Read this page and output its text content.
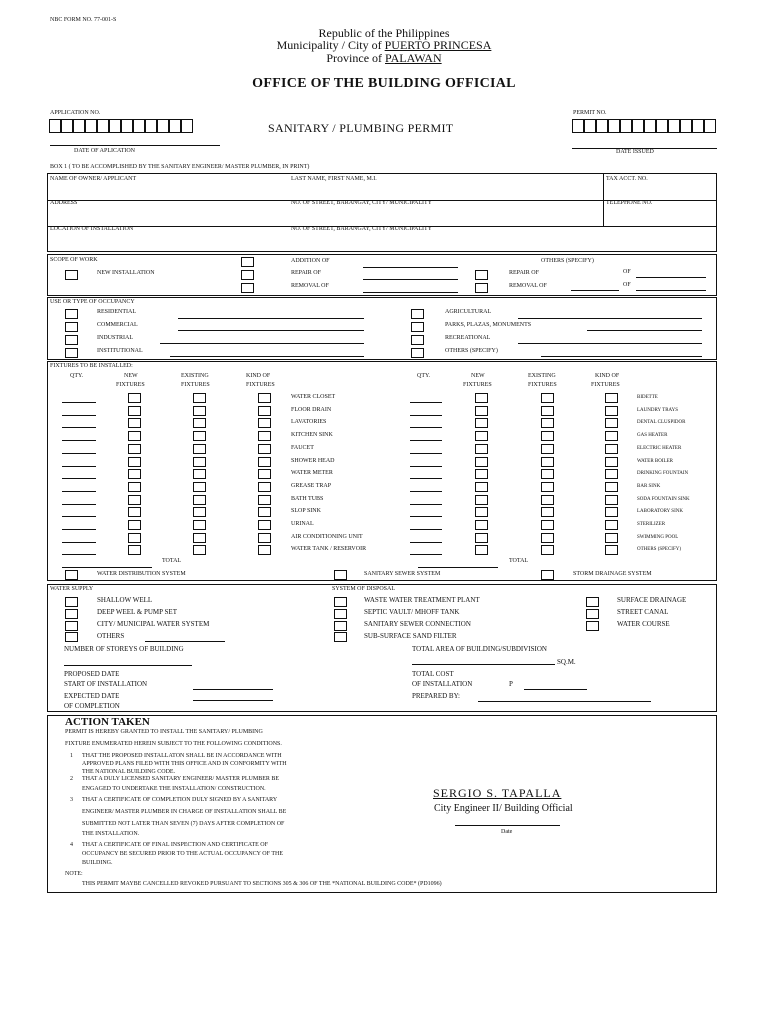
NBC FORM NO. 77-001-S
Republic of the Philippines
Municipality / City of PUERTO PRINCESA
Province of PALAWAN
OFFICE OF THE BUILDING OFFICIAL
APPLICATION NO.
SANITARY / PLUMBING PERMIT
PERMIT NO.
DATE OF APLICATION	DATE ISSUED
BOX 1 ( TO BE ACCOMPLISHED BY THE SANITARY ENGINEER/ MASTER PLUMBER, IN PRINT)
NAME OF OWNER/ APPLICANT	LAST NAME, FIRST NAME, M.I.	TAX ACCT. NO.
ADDRESS	NO. OF STREET, BARANGAY, CITY/ MUNICIPALITY	TELEPHONE NO.
LOCATION OF INSTALLATION	NO. OF STREET, BARANGAY, CITY/ MUNICIPALITY
SCOPE OF WORK
NEW INSTALLATION
ADDITION OF
REPAIR OF
REMOVAL OF
OTHERS (SPECIFY)
REPAIR OF
REMOVAL OF
OF
OF
USE OR TYPE OF OCCUPANCY
RESIDENTIAL
COMMERCIAL
INDUSTRIAL
INSTITUTIONAL
AGRICULTURAL
PARKS, PLAZAS, MONUMENTS
RECREATIONAL
OTHERS (SPECIFY)
FIXTURES TO BE INSTALLED:
QTY.	NEW
FIXTURES
EXISTING
FIXTURES
KIND OF
FIXTURES
QTY.	NEW
FIXTURES
EXISTING
FIXTURES
KIND OF
FIXTURES
WATER CLOSET	BIDETTE
FLOOR DRAIN	LAUNDRY TRAYS
LAVATORIES	DENTAL CLUSPIDOR
KITCHEN SINK	GAS HEATER
FAUCET	ELECTRIC HEATER
SHOWER HEAD	WATER BOILER
WATER METER	DRINKING FOUNTAIN
GREASE TRAP	BAR SINK
BATH TUBS	SODA FOUNTAIN SINK
SLOP SINK	LABORATORY SINK
URINAL	STERILIZER
AIR CONDITIONING UNIT	SWIMMING POOL
WATER TANK / RESERVOIR	OTHERS (SPECIFY)
TOTAL	TOTAL
WATER DISTRIBUTION SYSTEM	SANITARY SEWER SYSTEM	STORM DRAINAGE SYSTEM
WATER SUPPLY
SHALLOW WELL
DEEP WEEL & PUMP SET
CITY/ MUNICIPAL WATER SYSTEM
OTHERS
SYSTEM OF DISPOSAL
WASTE WATER TREATMENT PLANT
SEPTIC VAULT/ MHOFF TANK
SANITARY SEWER CONNECTION
SUB-SURFACE SAND FILTER
SURFACE DRAINAGE
STREET CANAL
WATER COURSE
NUMBER OF STOREYS OF BUILDING	TOTAL AREA OF BUILDING/SUBDIVISION
SQ.M.
PROPOSED DATE
START OF INSTALLATION
TOTAL COST
OF INSTALLATION	P
EXPECTED DATE
OF COMPLETION
PREPARED BY:
ACTION TAKEN
PERMIT IS HEREBY GRANTED TO INSTALL THE SANITARY/ PLUMBING
FIXTURE ENUMERATED HEREIN SUBJECT TO THE FOLLOWING CONDITIONS.
1 THAT THE PROPOSED INSTALLATON SHALL BE IN ACCORDANCE WITH
APPROVED PLANS FILED WITH THIS OFFICE AND IN CONFORMITY WITH
THE NATIONAL BUILDING CODE.
2 THAT A DULY LICENSED SANITARY ENGINEER/ MASTER PLUMBER BE
ENGAGED TO UNDERTAKE THE INSTALLATION/ CONSTRUCTION.
3 THAT A CERTIFICATE OF COMPLETION DULY SIGNED BY A SANITARY
ENGINEER/ MASTER PLUMBER IN CHARGE OF INSTALLATION SHALL BE
SUBMITTED NOT LATER THAN SEVEN (7) DAYS AFTER COMPLETION OF
THE INSTALLATION.
4 THAT A CERTIFICATE OF FINAL INSPECTION AND CERTIFICATE OF
OCCUPANCY BE SECURED PRIOR TO THE ACTUAL OCCUPANCY OF THE
BUILDING.
NOTE:
THIS PERMIT MAYBE CANCELLED REVOKED PURSUANT TO SECTIONS 305 & 306 OF THE *NATIONAL BUILDING CODE* (PD1096)
SERGIO S. TAPALLA
City Engineer II/ Building Official
Date
